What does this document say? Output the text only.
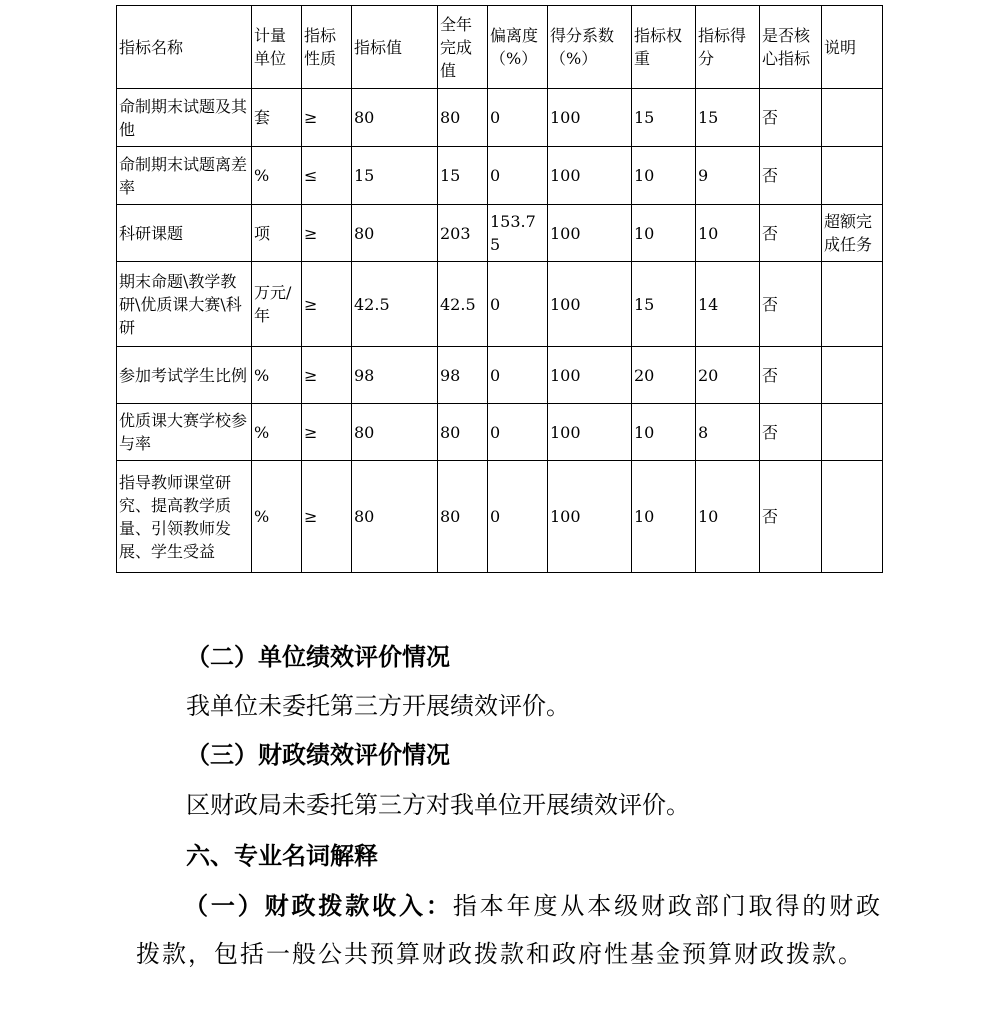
指标名称	计量单位	指标性质	指标值	全年完成值	偏离度（%）	得分系数（%）	指标权重	指标得分	是否核心指标	说明
命制期末试题及其他	套	≥	80	80	0	100	15	15	否	
命制期末试题离差率	%	≤	15	15	0	100	10	9	否	
科研课题	项	≥	80	203	153.75	100	10	10	否	超额完成任务
期末命题\教学教研\优质课大赛\科研	万元/年	≥	42.5	42.5	0	100	15	14	否	
参加考试学生比例	%	≥	98	98	0	100	20	20	否	
优质课大赛学校参与率	%	≥	80	80	0	100	10	8	否	
指导教师课堂研究、提高教学质量、引领教师发展、学生受益	%	≥	80	80	0	100	10	10	否	

（二）单位绩效评价情况

我单位未委托第三方开展绩效评价。

（三）财政绩效评价情况

区财政局未委托第三方对我单位开展绩效评价。

六、专业名词解释

（一）财政拨款收入：指本年度从本级财政部门取得的财政拨款，包括一般公共预算财政拨款和政府性基金预算财政拨款。
